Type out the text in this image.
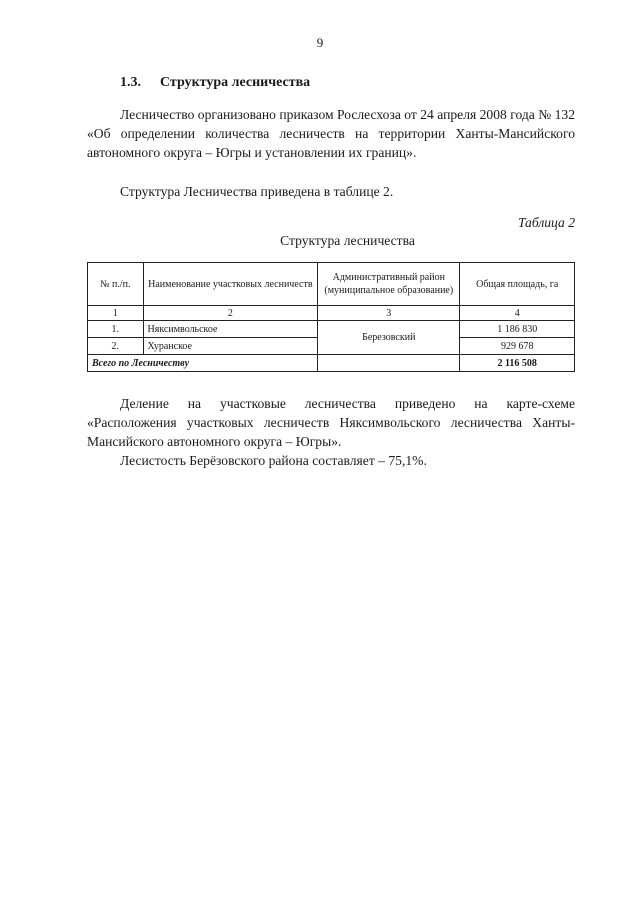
9
1.3. Структура лесничества

Лесничество организовано приказом Рослесхоза от 24 апреля 2008 года № 132 «Об определении количества лесничеств на территории Ханты-Мансийского автономного округа – Югры и установлении их границ».

Структура Лесничества приведена в таблице 2.

Таблица 2
Структура лесничества
№ п./п.	Наименование участковых лесничеств	Административный район (муниципальное образование)	Общая площадь, га
1	2	3	4
1.	Няксимвольское	Березовский	1 186 830
2.	Хуранское		929 678
Всего по Лесничеству			2 116 508

Деление на участковые лесничества приведено на карте-схеме «Расположения участковых лесничеств Няксимвольского лесничества Ханты-Мансийского автономного округа – Югры».

Лесистость Берёзовского района составляет – 75,1%.
